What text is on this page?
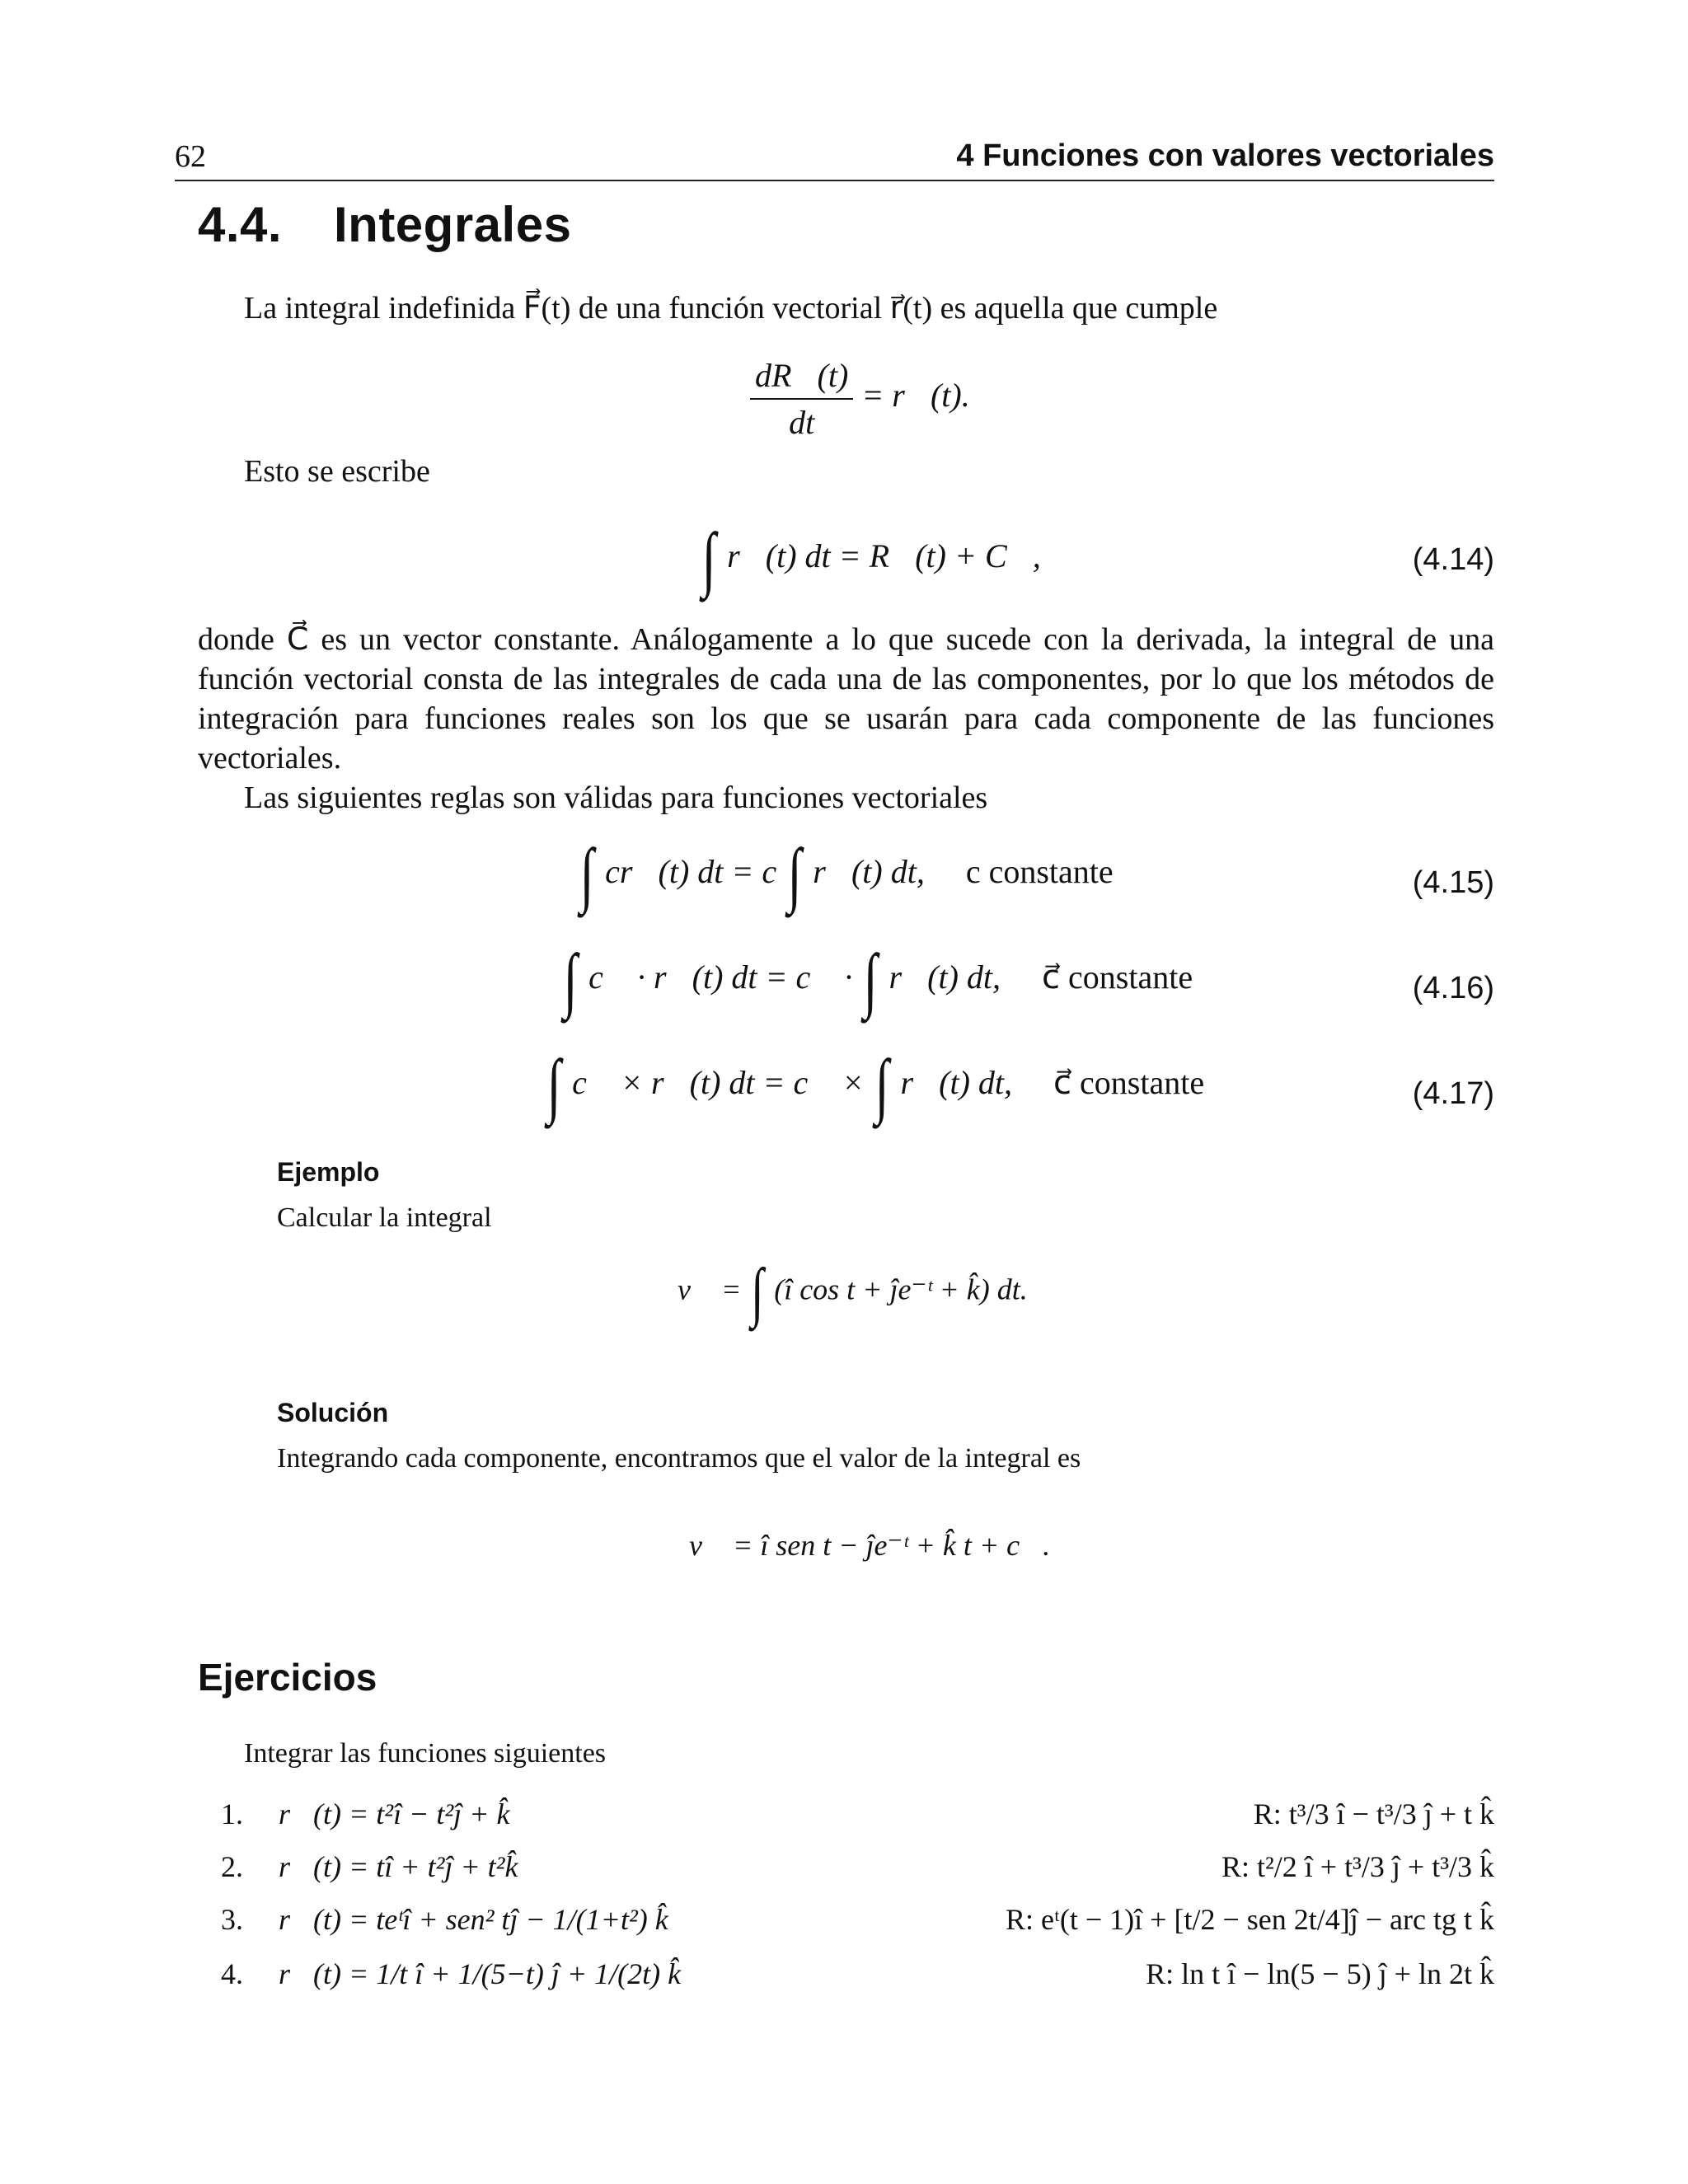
62	4 Funciones con valores vectoriales
4.4. Integrales
La integral indefinida F⃗(t) de una función vectorial r⃗(t) es aquella que cumple
$\frac{dR⃗(t)}{dt}$ = r⃗(t).
Esto se escribe
∫ r⃗(t) dt = R⃗(t) + C⃗,	(4.14)
donde C⃗ es un vector constante. Análogamente a lo que sucede con la derivada, la integral de una función vectorial consta de las integrales de cada una de las componentes, por lo que los métodos de integración para funciones reales son los que se usarán para cada componente de las funciones vectoriales.
Las siguientes reglas son válidas para funciones vectoriales
∫ cr⃗(t) dt = c ∫ r⃗(t) dt, c constante	(4.15)
∫ c⃗ · r⃗(t) dt = c⃗ · ∫ r⃗(t) dt, c⃗ constante	(4.16)
∫ c⃗ × r⃗(t) dt = c⃗ × ∫ r⃗(t) dt, c⃗ constante	(4.17)
Ejemplo
Calcular la integral
v⃗ = ∫ (î cos t + ĵe⁻ᵗ + k̂) dt.
Solución
Integrando cada componente, encontramos que el valor de la integral es
v⃗ = î sen t − ĵe⁻ᵗ + k̂ t + c⃗.
Ejercicios
Integrar las funciones siguientes
1. r⃗(t) = t²î − t²ĵ + k̂	R: t³/3 î − t³/3 ĵ + t k̂
2. r⃗(t) = tî + t²ĵ + t²k̂	R: t²/2 î + t³/3 ĵ + t³/3 k̂
3. r⃗(t) = teᵗî + sen² tĵ − 1/(1+t²) k̂	R: eᵗ(t − 1)î + [t/2 − sen 2t/4]ĵ − arc tg t k̂
4. r⃗(t) = 1/t î + 1/(5−t) ĵ + 1/(2t) k̂	R: ln t î − ln(5 − 5) ĵ + ln 2t k̂
